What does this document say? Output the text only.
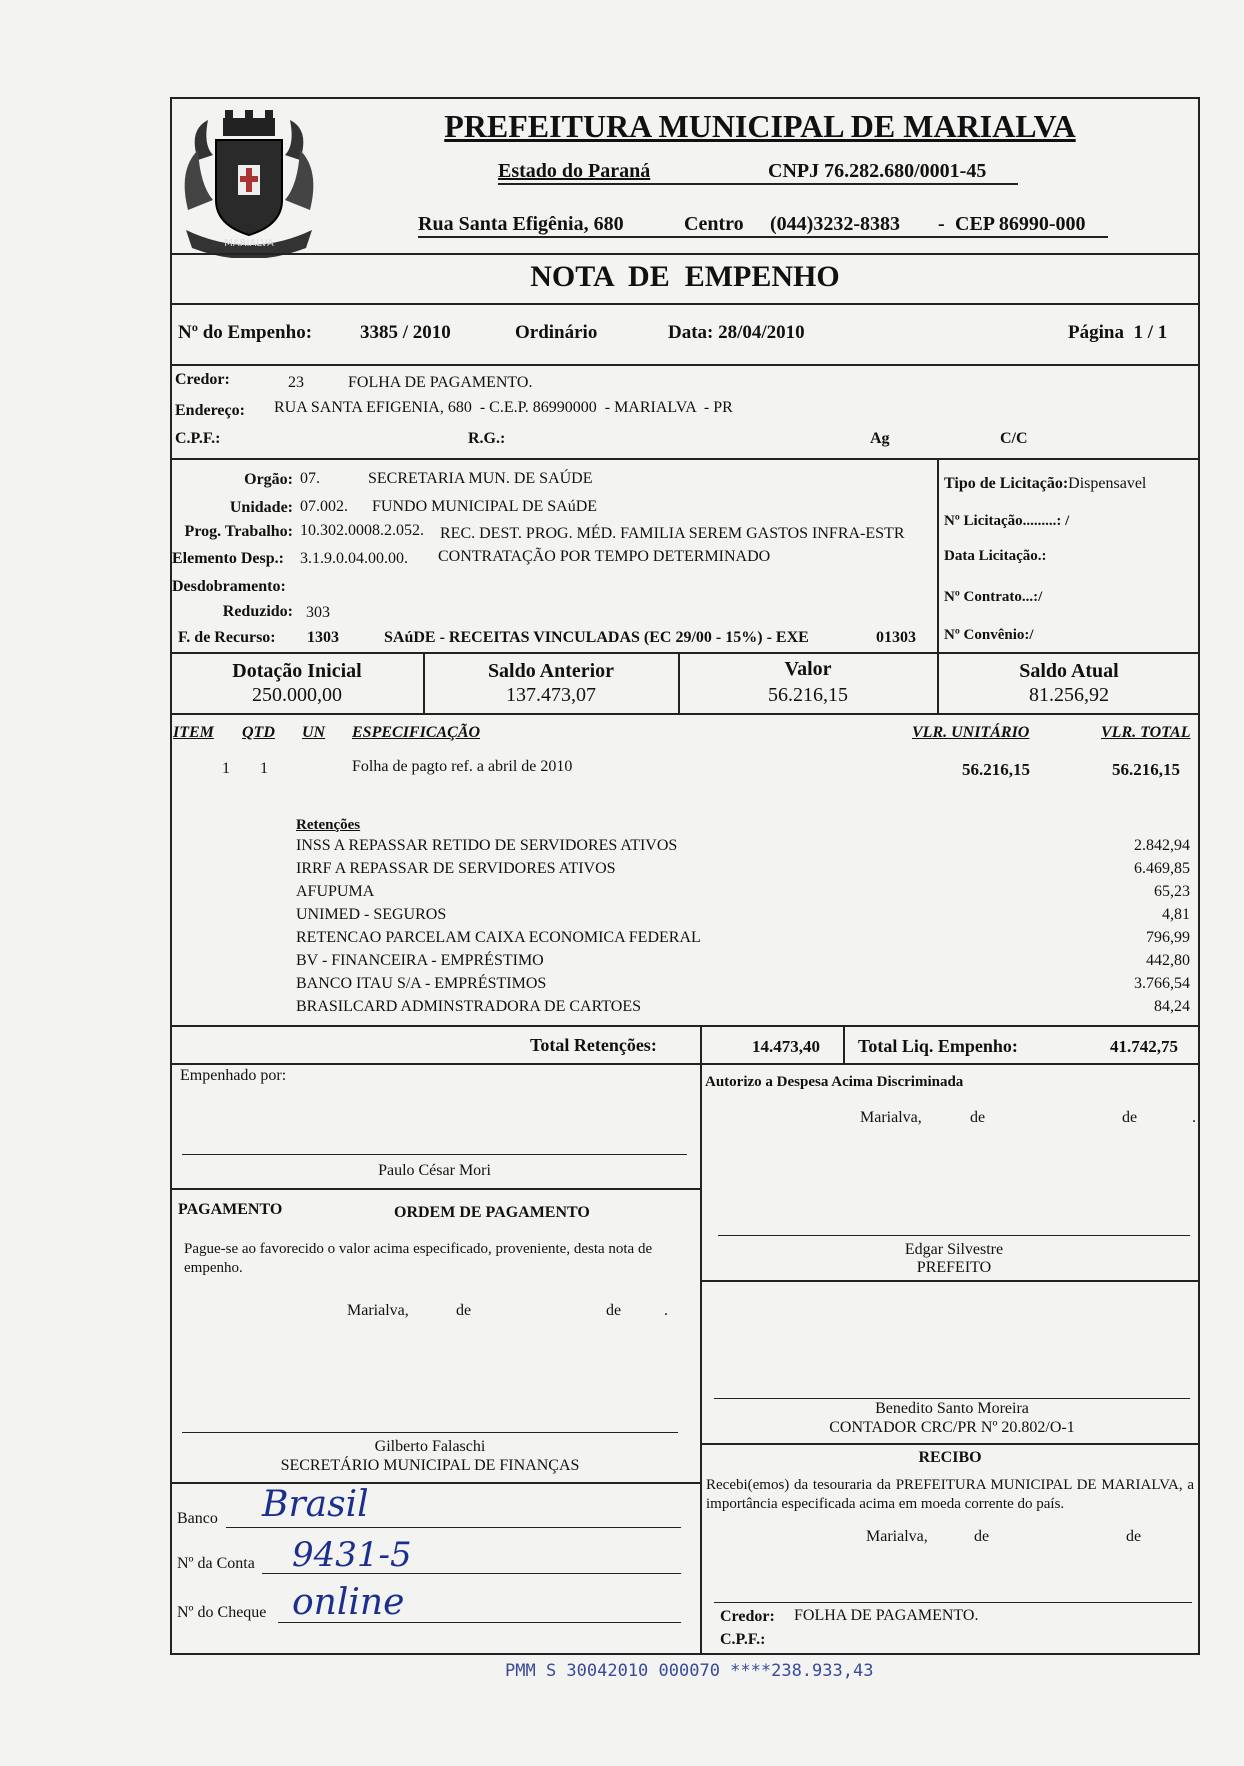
MARIALVA
PREFEITURA MUNICIPAL DE MARIALVA
Estado do Paraná	CNPJ 76.282.680/0001-45
Rua Santa Efigênia, 680	Centro (044)3232-8383 - CEP 86990-000
NOTA  DE  EMPENHO
Nº do Empenho:	3385 / 2010	Ordinário	Data: 28/04/2010	Página  1 / 1
Credor:	23	FOLHA DE PAGAMENTO.
Endereço: RUA SANTA EFIGENIA, 680  - C.E.P. 86990000  - MARIALVA  - PR
C.P.F.:	R.G.:	Ag	C/C
Orgão: 07.	SECRETARIA MUN. DE SAÚDE
Unidade: 07.002. FUNDO MUNICIPAL DE SAúDE
Prog. Trabalho: 10.302.0008.2.052. REC. DEST. PROG. MÉD. FAMILIA SEREM GASTOS INFRA-ESTR
Elemento Desp.: 3.1.9.0.04.00.00. CONTRATAÇÃO POR TEMPO DETERMINADO
Desdobramento:
Reduzido: 303
F. de Recurso: 1303	SAúDE - RECEITAS VINCULADAS (EC 29/00 - 15%) - EXE	01303
Tipo de Licitação:Dispensavel
Nº Licitação.........: /
Data Licitação.:
Nº Contrato...:/
Nº Convênio:/
Dotação Inicial
250.000,00
Saldo Anterior
137.473,07
Valor
56.216,15
Saldo Atual
81.256,92
ITEM QTD UN ESPECIFICAÇÃO	VLR. UNITÁRIO	VLR. TOTAL
1 1	Folha de pagto ref. a abril de 2010	56.216,15	56.216,15
Retenções
INSS A REPASSAR RETIDO DE SERVIDORES ATIVOS	2.842,94
IRRF A REPASSAR DE SERVIDORES ATIVOS	6.469,85
AFUPUMA	65,23
UNIMED - SEGUROS	4,81
RETENCAO PARCELAM CAIXA ECONOMICA FEDERAL	796,99
BV - FINANCEIRA - EMPRÉSTIMO	442,80
BANCO ITAU S/A - EMPRÉSTIMOS	3.766,54
BRASILCARD ADMINSTRADORA DE CARTOES	84,24
Total Retenções:	14.473,40 Total Liq. Empenho:	41.742,75
Empenhado por:
Paulo César Mori
Autorizo a Despesa Acima Discriminada
Marialva,	de	de	.
Edgar Silvestre
PREFEITO
PAGAMENTO	ORDEM DE PAGAMENTO
Pague-se ao favorecido o valor acima especificado, proveniente, desta nota de empenho.
Marialva,	de	de	.
Gilberto Falaschi
SECRETÁRIO MUNICIPAL DE FINANÇAS
Benedito Santo Moreira
CONTADOR CRC/PR Nº 20.802/O-1
RECIBO
Recebi(emos) da tesouraria da PREFEITURA MUNICIPAL DE MARIALVA, a importância especificada acima em moeda corrente do país.
Marialva,	de	de
Credor: FOLHA DE PAGAMENTO.
C.P.F.:
Banco Brasil
Nº da Conta 9431-5
Nº do Cheque online
PMM S 30042010 000070 ****238.933,43
